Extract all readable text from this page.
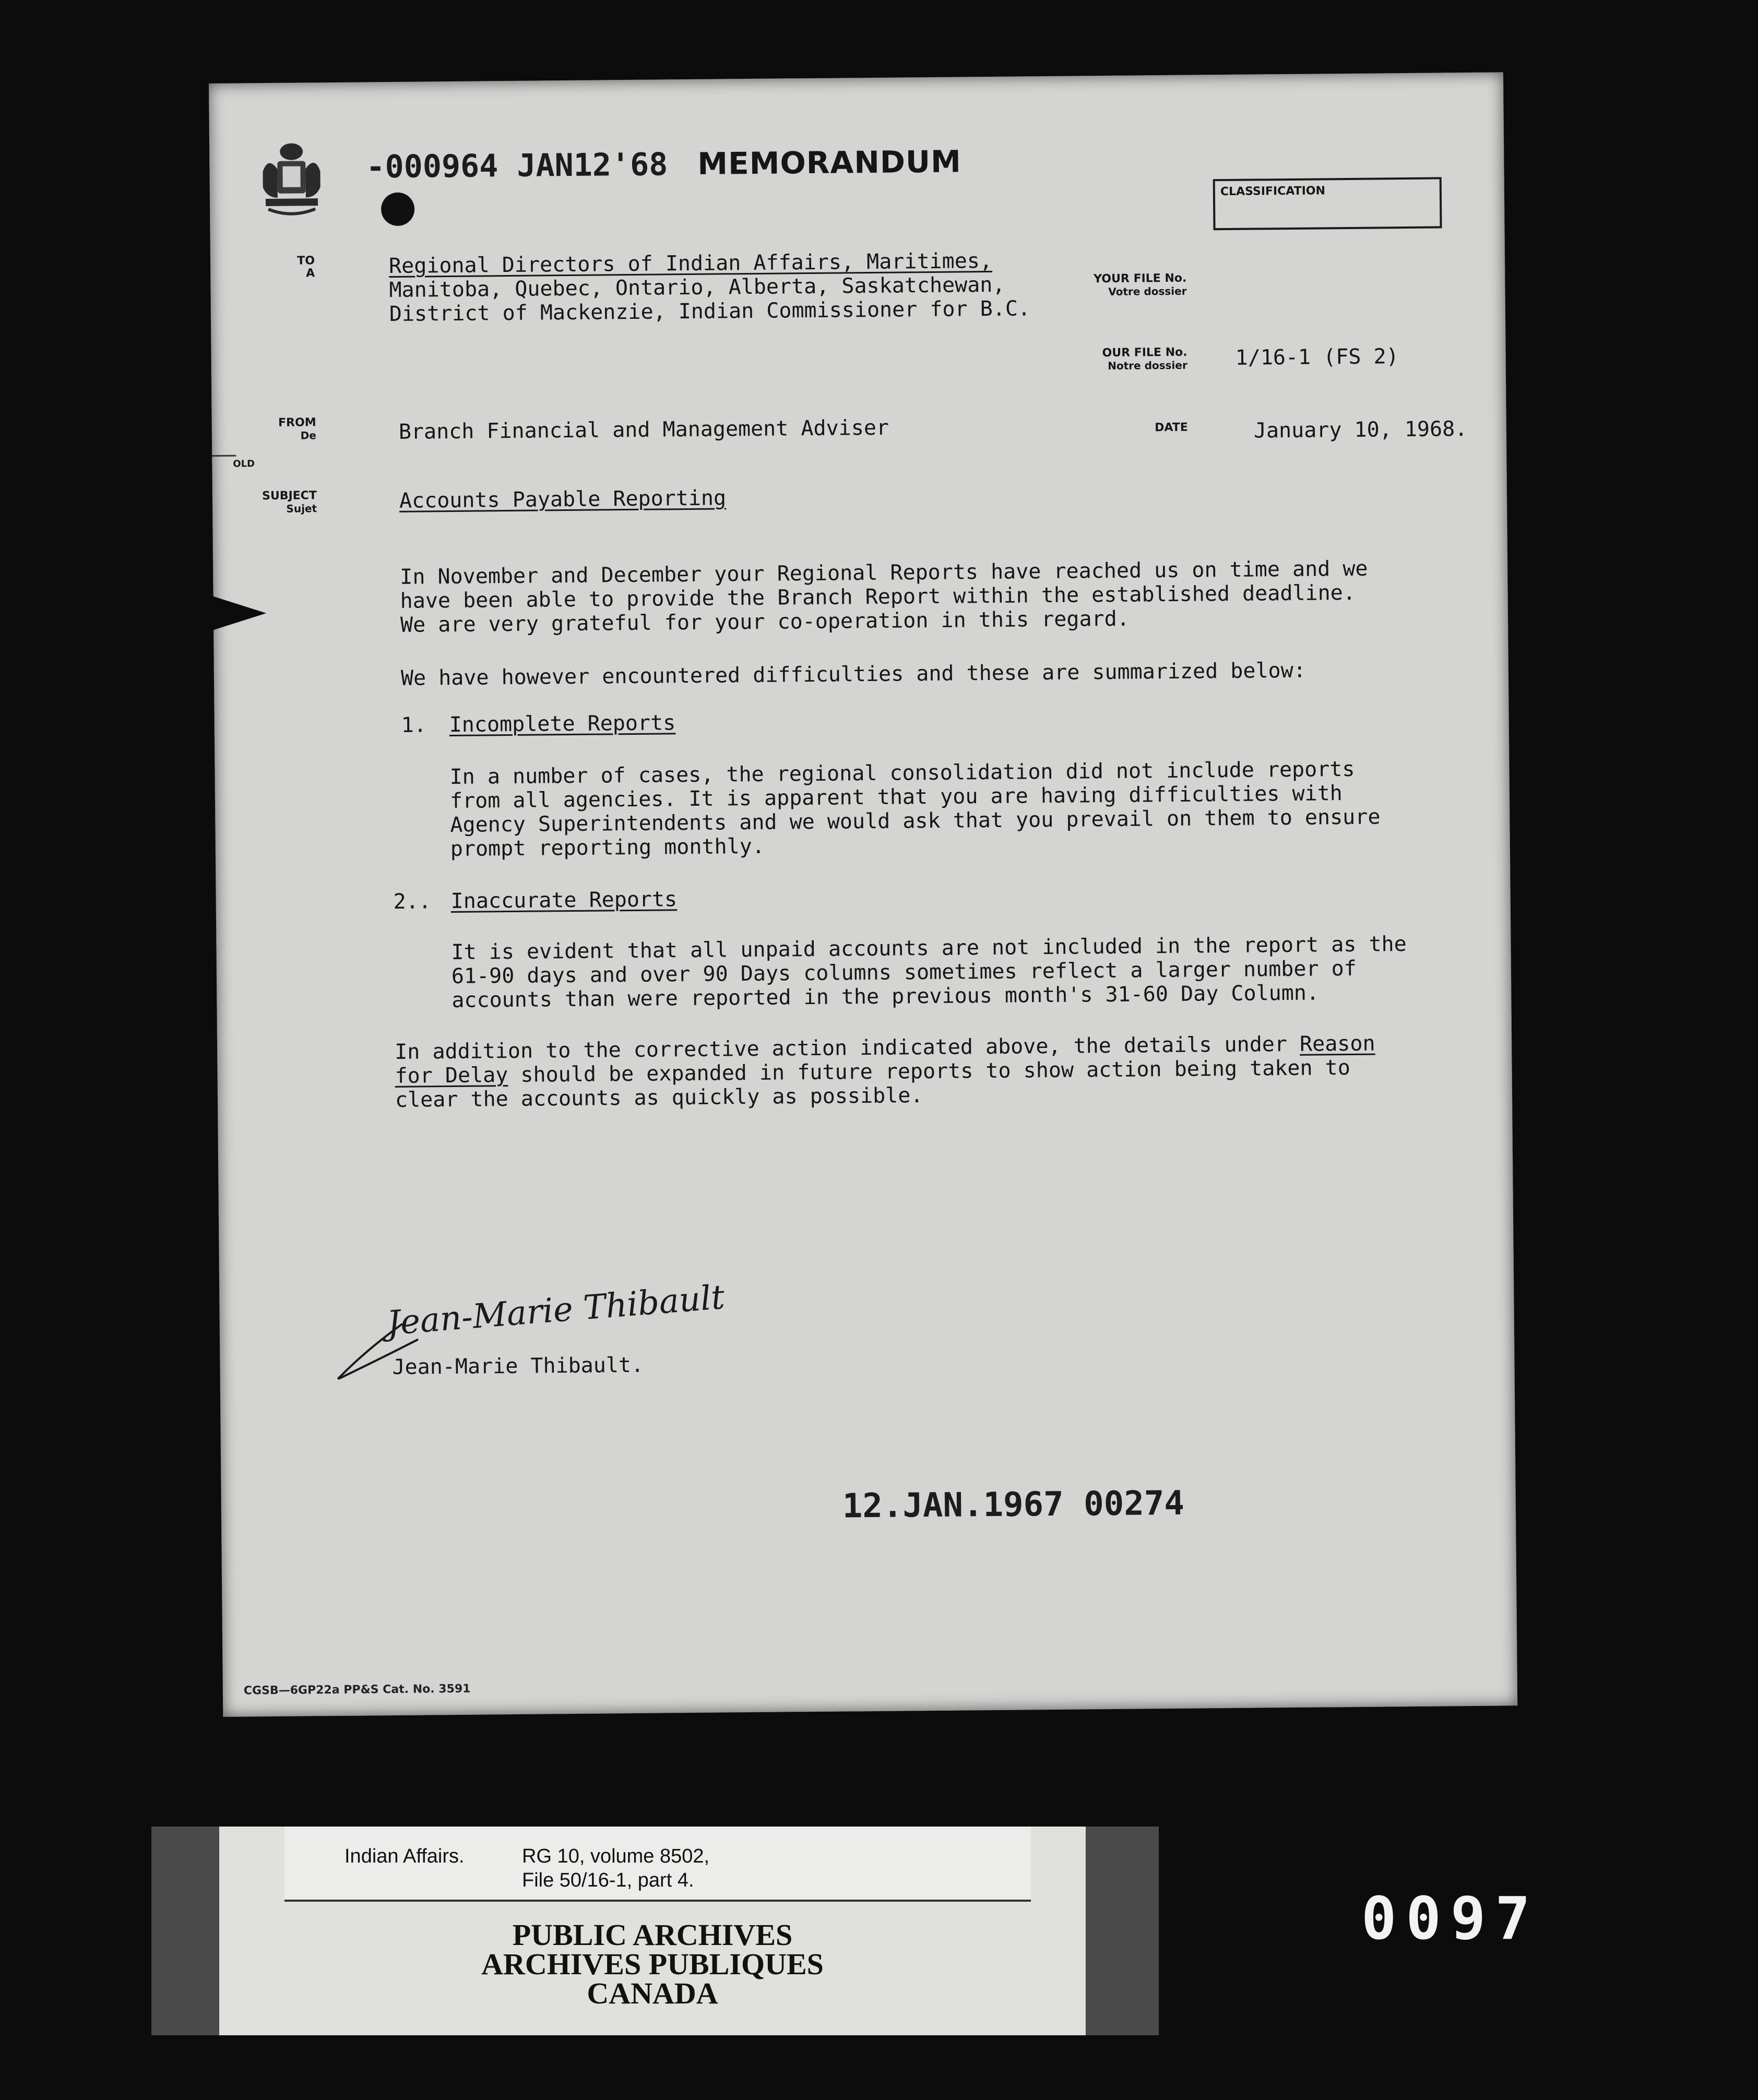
-000964 JAN12'68 MEMORANDUM
CLASSIFICATION
TO
A	Regional Directors of Indian Affairs, Maritimes,
Manitoba, Quebec, Ontario, Alberta, Saskatchewan,
District of Mackenzie, Indian Commissioner for B.C.
YOUR FILE No.
Votre dossier
OUR FILE No.
Notre dossier 1/16-1 (FS 2)
FROM
De	Branch Financial and Management Adviser	DATE	January 10, 1968.
OLD
SUBJECT
Sujet	Accounts Payable Reporting
In November and December your Regional Reports have reached us on time and we
have been able to provide the Branch Report within the established deadline.
We are very grateful for your co-operation in this regard.
We have however encountered difficulties and these are summarized below:
1. Incomplete Reports
In a number of cases, the regional consolidation did not include reports
from all agencies. It is apparent that you are having difficulties with
Agency Superintendents and we would ask that you prevail on them to ensure
prompt reporting monthly.
2.. Inaccurate Reports
It is evident that all unpaid accounts are not included in the report as the
61-90 days and over 90 Days columns sometimes reflect a larger number of
accounts than were reported in the previous month's 31-60 Day Column.
In addition to the corrective action indicated above, the details under Reason
for Delay should be expanded in future reports to show action being taken to
clear the accounts as quickly as possible.
Jean-Marie Thibault
Jean-Marie Thibault.
12.JAN.1967 00274
CGSB—6GP22a PP&S Cat. No. 3591
Indian Affairs.	RG 10, volume 8502,
File 50/16-1, part 4.
PUBLIC ARCHIVES
ARCHIVES PUBLIQUES
CANADA
0097
